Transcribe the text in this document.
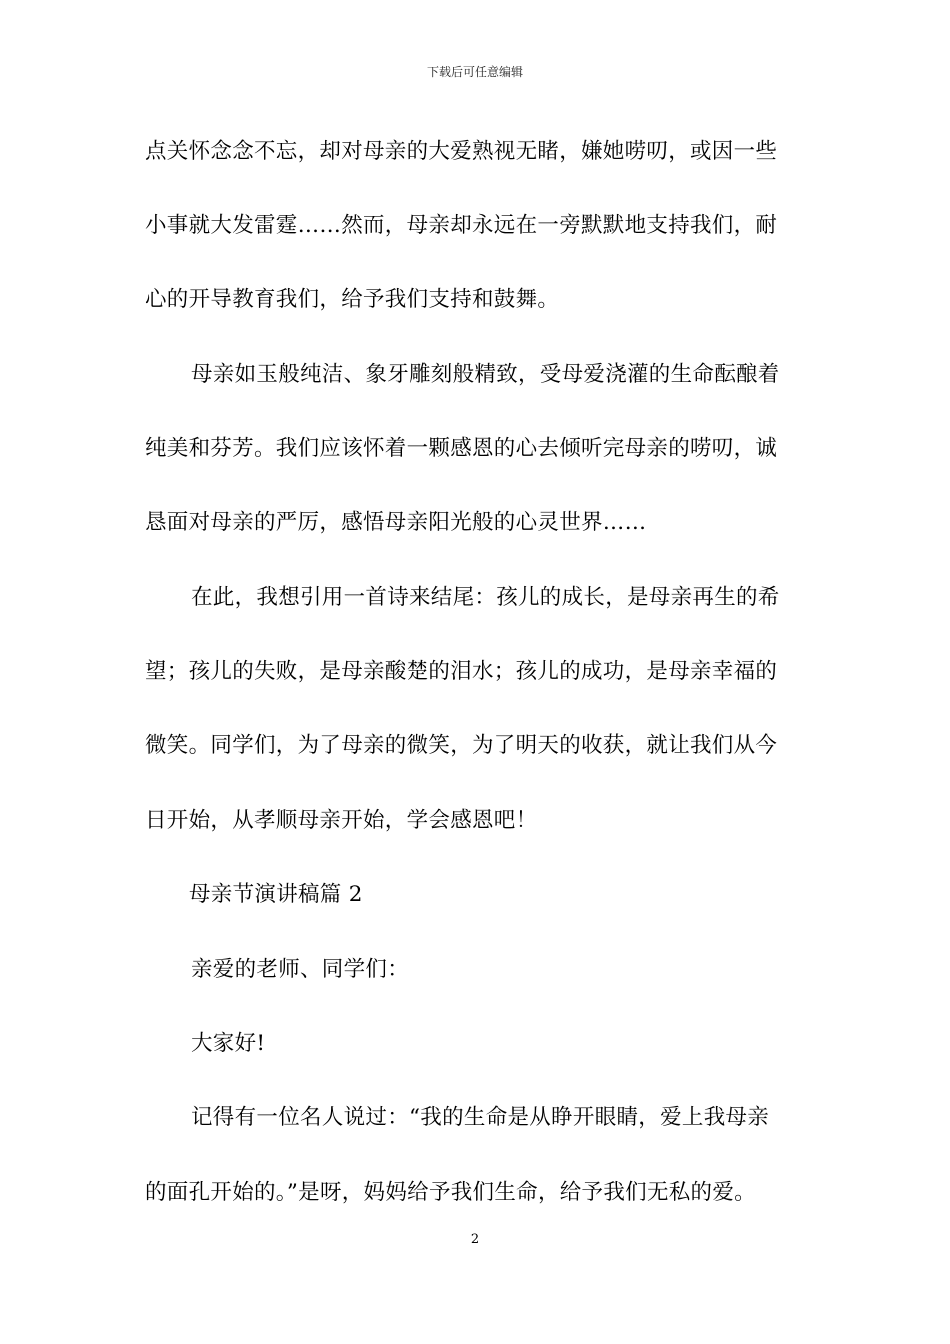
下载后可任意编辑
点关怀念念不忘，却对母亲的大爱熟视无睹，嫌她唠叨，或因一些
小事就大发雷霆……然而，母亲却永远在一旁默默地支持我们，耐
心的开导教育我们，给予我们支持和鼓舞。
母亲如玉般纯洁、象牙雕刻般精致，受母爱浇灌的生命酝酿着
纯美和芬芳。我们应该怀着一颗感恩的心去倾听完母亲的唠叨，诚
恳面对母亲的严厉，感悟母亲阳光般的心灵世界……
在此，我想引用一首诗来结尾：孩儿的成长，是母亲再生的希
望；孩儿的失败，是母亲酸楚的泪水；孩儿的成功，是母亲幸福的
微笑。同学们，为了母亲的微笑，为了明天的收获，就让我们从今
日开始，从孝顺母亲开始，学会感恩吧！
母亲节演讲稿篇 2
亲爱的老师、同学们：
大家好!
记得有一位名人说过：“我的生命是从睁开眼睛，爱上我母亲
的面孔开始的。”是呀，妈妈给予我们生命，给予我们无私的爱。
2
